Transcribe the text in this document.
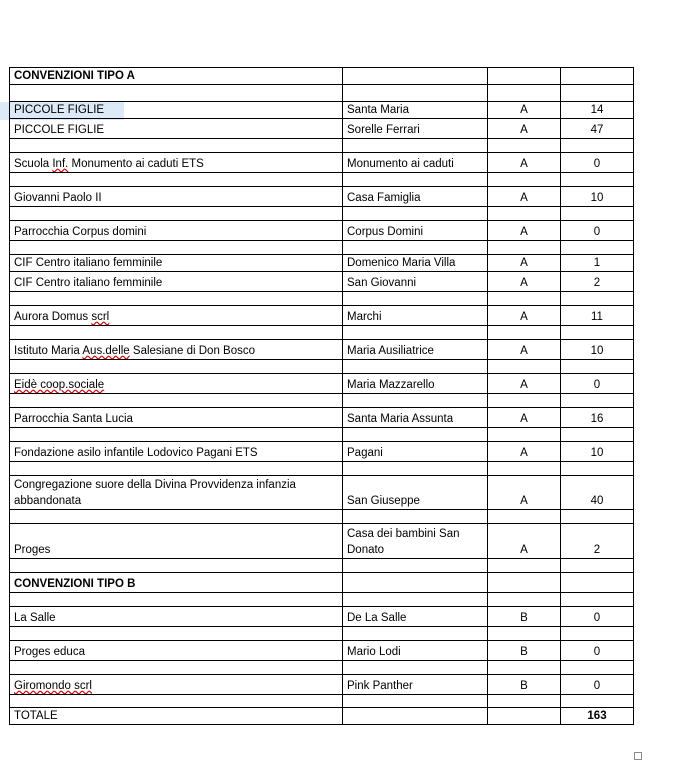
CONVENZIONI TIPO A			

PICCOLE FIGLIE	Santa Maria	A	14
PICCOLE FIGLIE	Sorelle Ferrari	A	47

Scuola Inf. Monumento ai caduti ETS	Monumento ai caduti	A	0

Giovanni Paolo II	Casa Famiglia	A	10

Parrocchia Corpus domini	Corpus Domini	A	0

CIF Centro italiano femminile	Domenico Maria Villa	A	1
CIF Centro italiano femminile	San Giovanni	A	2

Aurora Domus scrl	Marchi	A	11

Istituto Maria Aus.delle Salesiane di Don Bosco	Maria Ausiliatrice	A	10

Eidè coop.sociale	Maria Mazzarello	A	0

Parrocchia Santa Lucia	Santa Maria Assunta	A	16

Fondazione asilo infantile Lodovico Pagani ETS	Pagani	A	10

Congregazione suore della Divina Provvidenza infanzia abbandonata	San Giuseppe	A	40

Proges	Casa dei bambini San Donato	A	2

CONVENZIONI TIPO B			

La Salle	De La Salle	B	0

Proges educa	Mario Lodi	B	0

Giromondo scrl	Pink Panther	B	0

TOTALE			163
